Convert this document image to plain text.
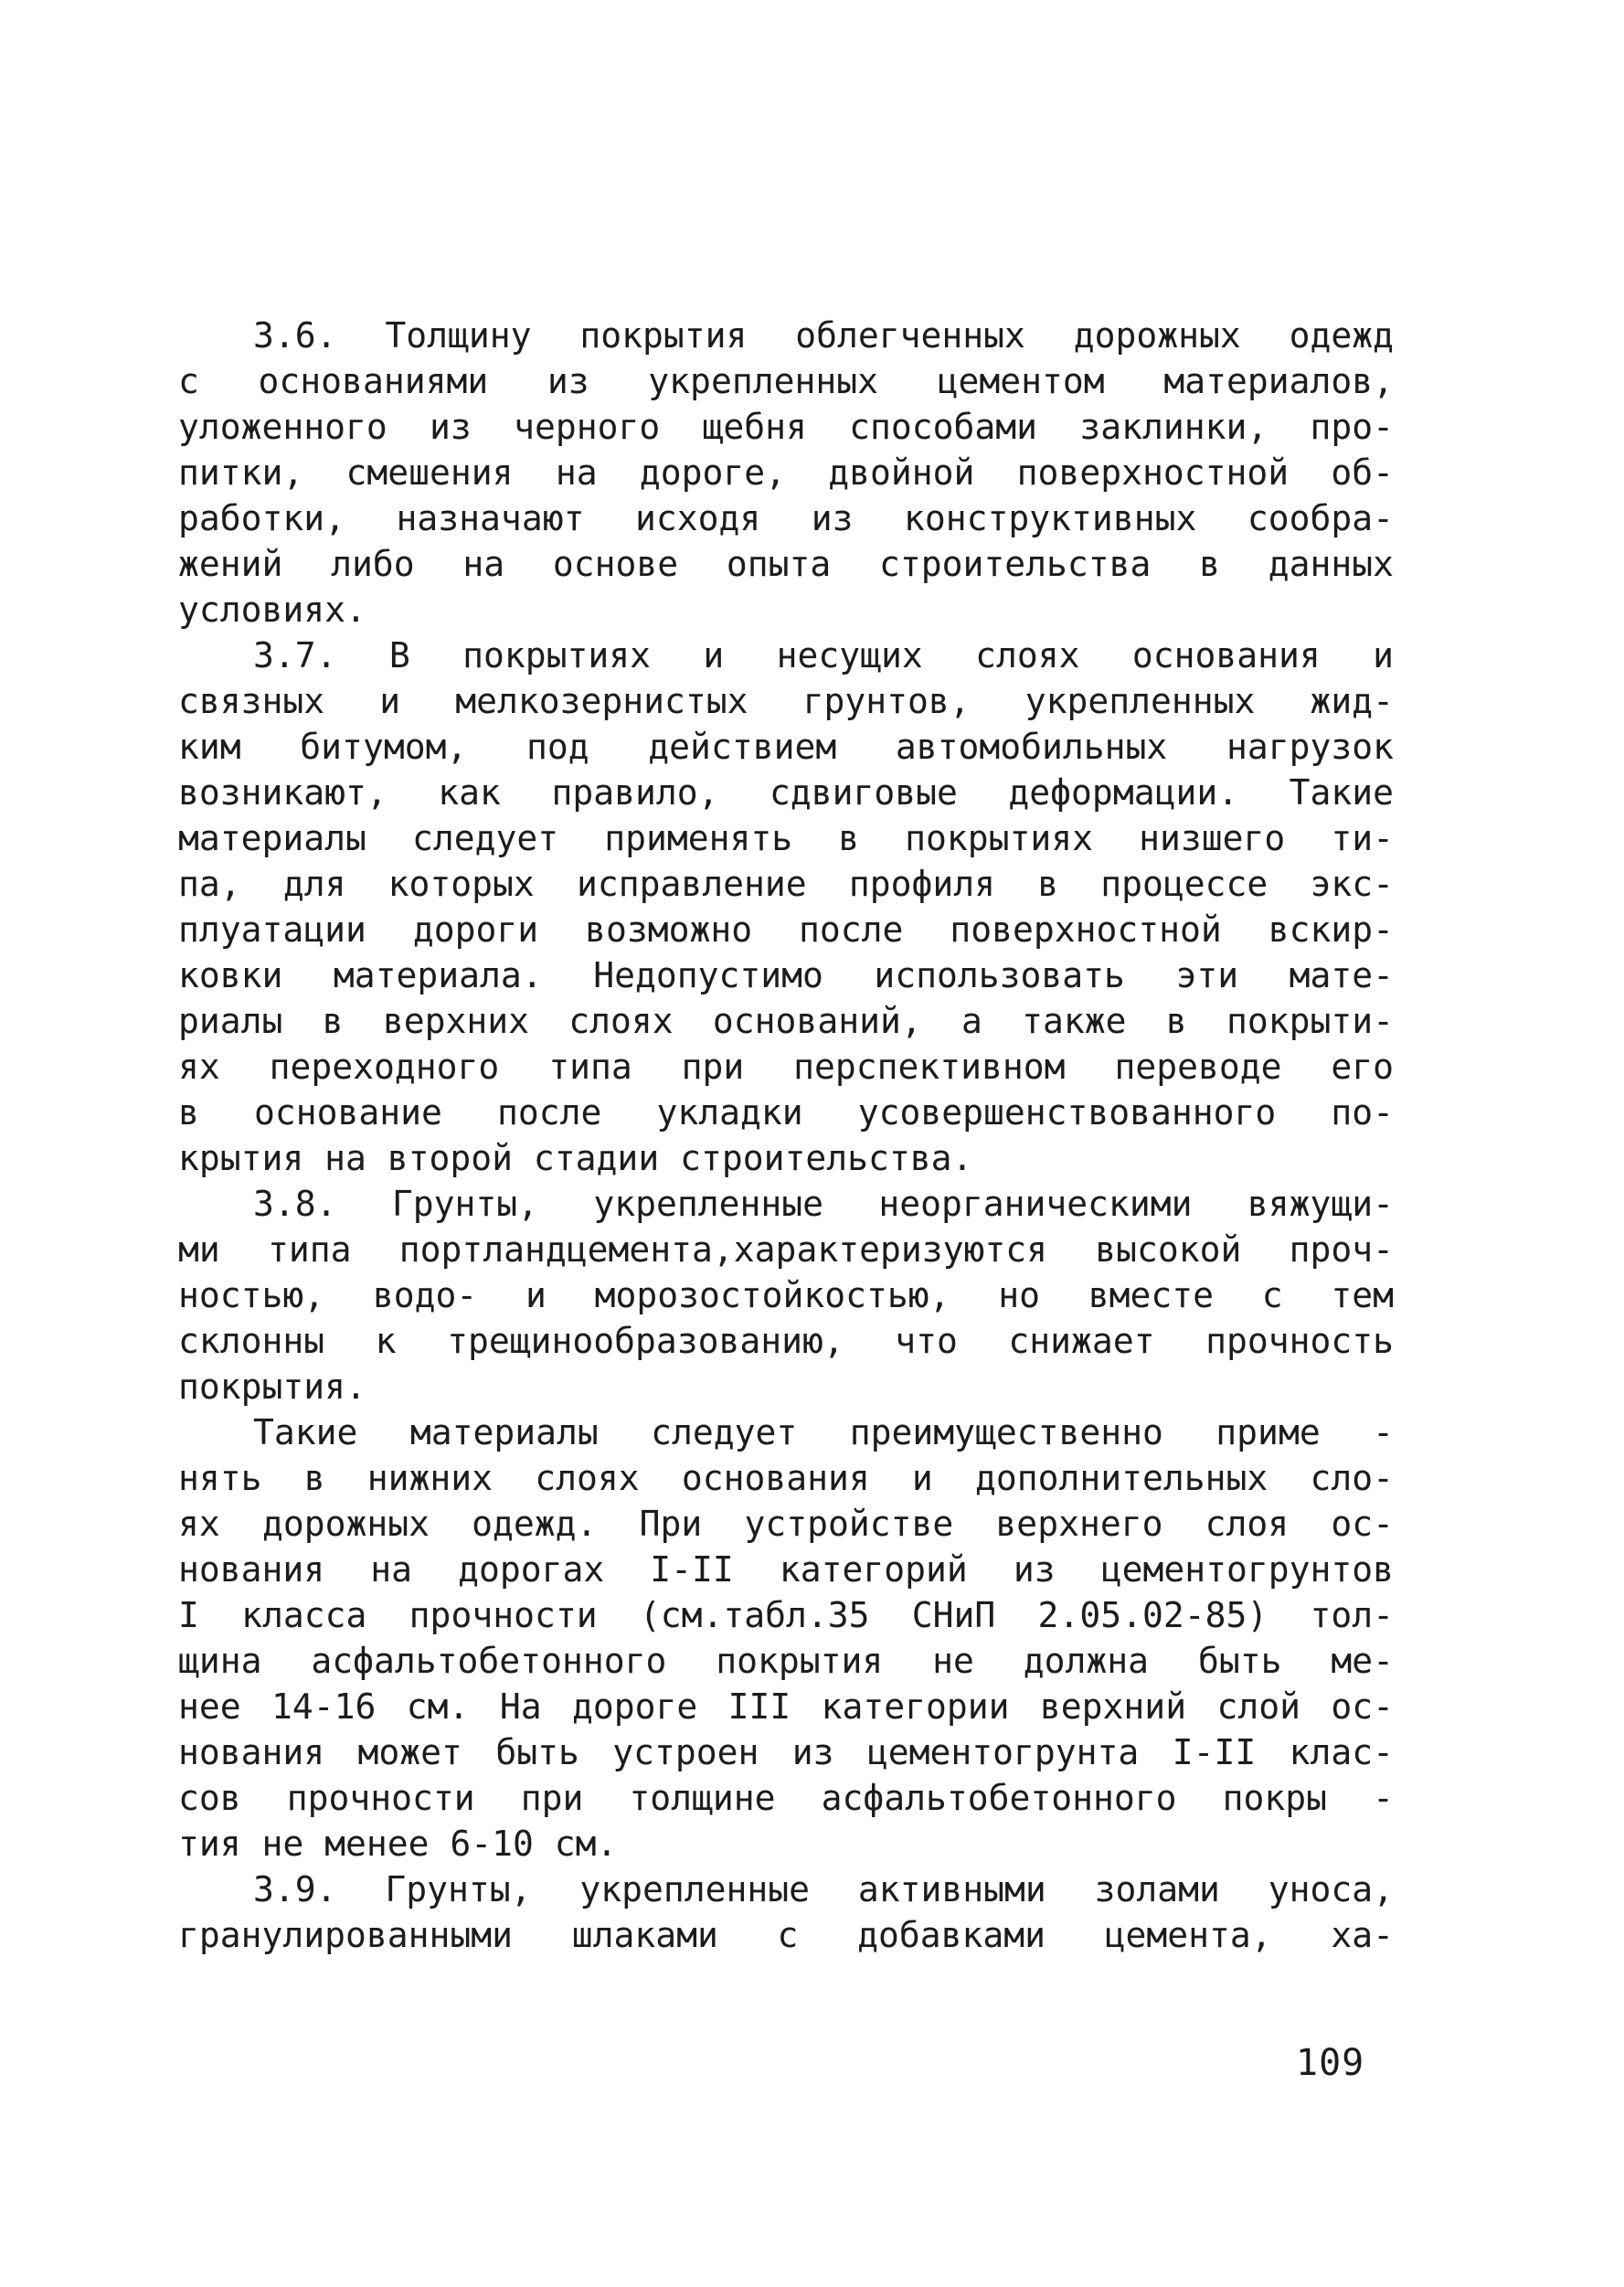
3.6. Толщину покрытия облегченных дорожных одежд
с основаниями из укрепленных цементом материалов,
уложенного из черного щебня способами заклинки, про-
питки, смешения на дороге, двойной поверхностной об-
работки, назначают исходя из конструктивных сообра-
жений либо на основе опыта строительства в данных
условиях.
3.7. В покрытиях и несущих слоях основания и
связных и мелкозернистых грунтов, укрепленных жид-
ким битумом, под действием автомобильных нагрузок
возникают, как правило, сдвиговые деформации. Такие
материалы следует применять в покрытиях низшего ти-
па, для которых исправление профиля в процессе экс-
плуатации дороги возможно после поверхностной вскир-
ковки материала. Недопустимо использовать эти мате-
риалы в верхних слоях оснований, а также в покрыти-
ях переходного типа при перспективном переводе его
в основание после укладки усовершенствованного по-
крытия на второй стадии строительства.
3.8. Грунты, укрепленные неорганическими вяжущи-
ми типа портландцемента,характеризуются высокой проч-
ностью, водо- и морозостойкостью, но вместе с тем
склонны к трещинообразованию, что снижает прочность
покрытия.
Такие материалы следует преимущественно приме -
нять в нижних слоях основания и дополнительных сло-
ях дорожных одежд. При устройстве верхнего слоя ос-
нования на дорогах I-II категорий из цементогрунтов
I класса прочности (см.табл.35 СНиП 2.05.02-85) тол-
щина асфальтобетонного покрытия не должна быть ме-
нее 14-16 см. На дороге III категории верхний слой ос-
нования может быть устроен из цементогрунта I-II клас-
сов прочности при толщине асфальтобетонного покры -
тия не менее 6-10 см.
3.9. Грунты, укрепленные активными золами уноса,
гранулированными шлаками с добавками цемента, ха-
109
